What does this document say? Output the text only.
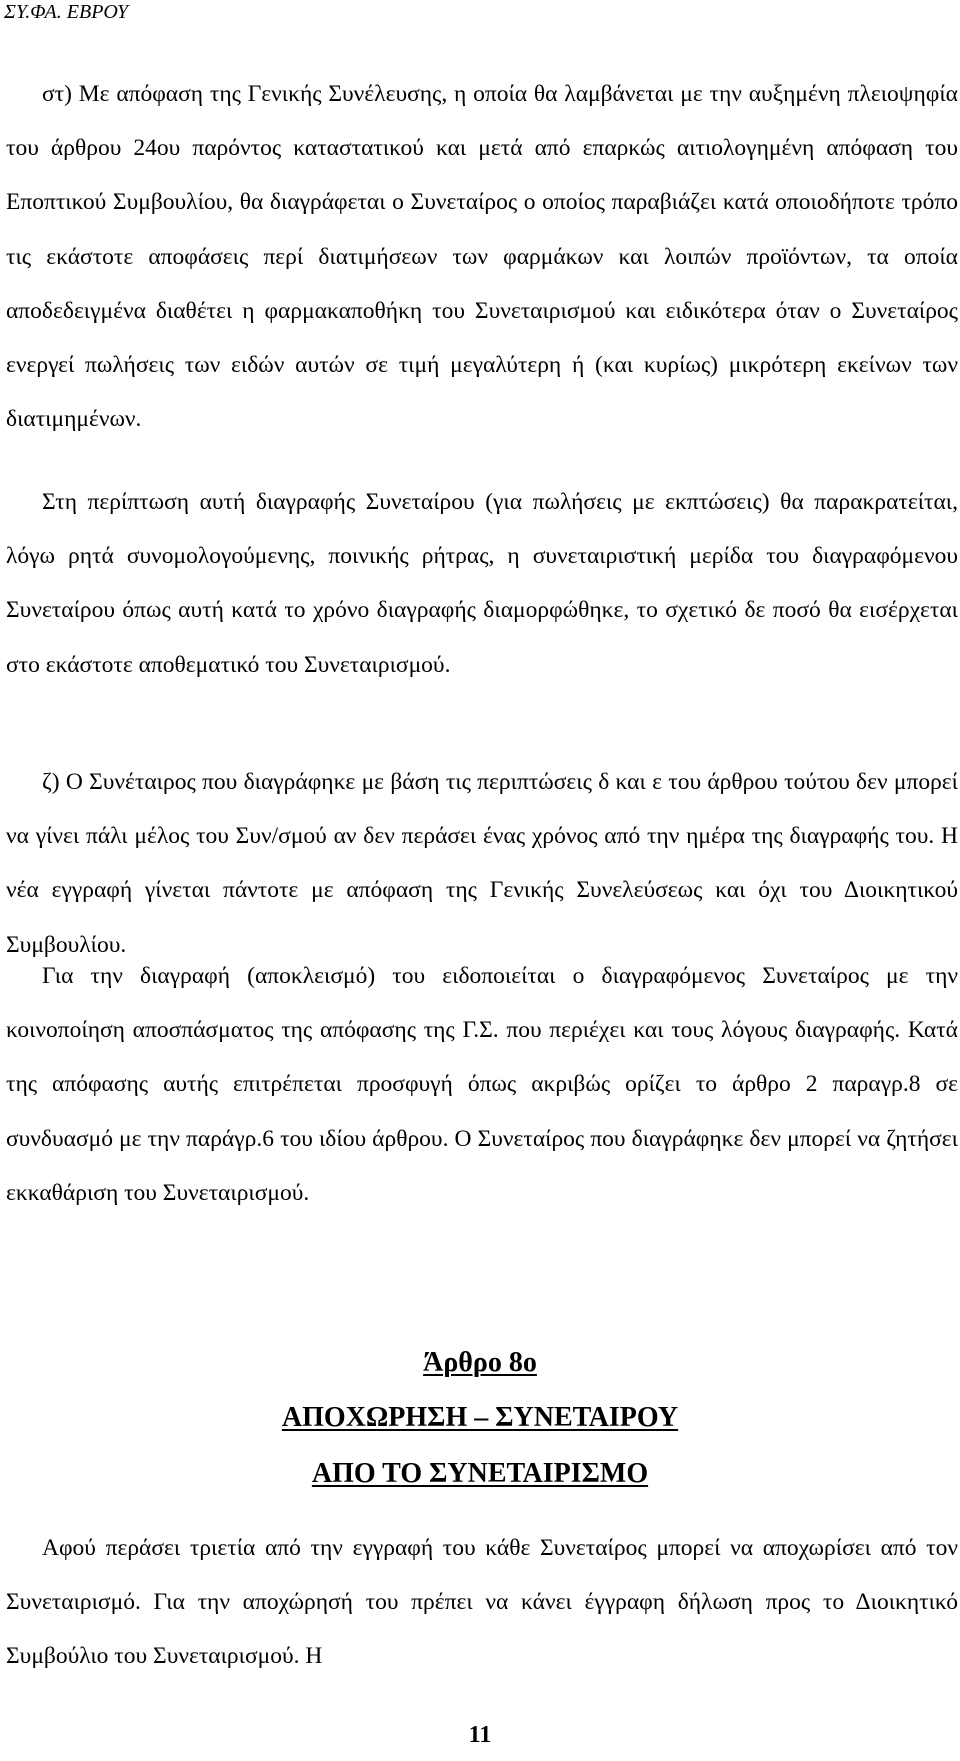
ΣΥ.ΦΑ. ΕΒΡΟΥ

στ) Με απόφαση της Γενικής Συνέλευσης, η οποία θα λαμβάνεται με την αυξημένη πλειοψηφία του άρθρου 24ου παρόντος καταστατικού και μετά από επαρκώς αιτιολογημένη απόφαση του Εποπτικού Συμβουλίου, θα διαγράφεται ο Συνεταίρος ο οποίος παραβιάζει κατά οποιοδήποτε τρόπο τις εκάστοτε αποφάσεις περί διατιμήσεων των φαρμάκων και λοιπών προϊόντων, τα οποία αποδεδειγμένα διαθέτει η φαρμακαποθήκη του Συνεταιρισμού και ειδικότερα όταν ο Συνεταίρος ενεργεί πωλήσεις των ειδών αυτών σε τιμή μεγαλύτερη ή (και κυρίως) μικρότερη εκείνων των διατιμημένων.

Στη περίπτωση αυτή διαγραφής Συνεταίρου (για πωλήσεις με εκπτώσεις) θα παρακρατείται, λόγω ρητά συνομολογούμενης, ποινικής ρήτρας, η συνεταιριστική μερίδα του διαγραφόμενου Συνεταίρου όπως αυτή κατά το χρόνο διαγραφής διαμορφώθηκε, το σχετικό δε ποσό θα εισέρχεται στο εκάστοτε αποθεματικό του Συνεταιρισμού.

ζ) Ο Συνέταιρος που διαγράφηκε με βάση τις περιπτώσεις δ και ε του άρθρου τούτου δεν μπορεί να γίνει πάλι μέλος του Συν/σμού αν δεν περάσει ένας χρόνος από την ημέρα της διαγραφής του. Η νέα εγγραφή γίνεται πάντοτε με απόφαση της Γενικής Συνελεύσεως και όχι του Διοικητικού Συμβουλίου.

Για την διαγραφή (αποκλεισμό) του ειδοποιείται ο διαγραφόμενος Συνεταίρος με την κοινοποίηση αποσπάσματος της απόφασης της Γ.Σ. που περιέχει και τους λόγους διαγραφής. Κατά της απόφασης αυτής επιτρέπεται προσφυγή όπως ακριβώς ορίζει το άρθρο 2 παραγρ.8 σε συνδυασμό με την παράγρ.6 του ιδίου άρθρου. Ο Συνεταίρος που διαγράφηκε δεν μπορεί να ζητήσει εκκαθάριση του Συνεταιρισμού.

Άρθρο 8ο
ΑΠΟΧΩΡΗΣΗ – ΣΥΝΕΤΑΙΡΟΥ
ΑΠΟ ΤΟ ΣΥΝΕΤΑΙΡΙΣΜΟ

Αφού περάσει τριετία από την εγγραφή του κάθε Συνεταίρος μπορεί να αποχωρίσει από τον Συνεταιρισμό. Για την αποχώρησή του πρέπει να κάνει έγγραφη δήλωση προς το Διοικητικό Συμβούλιο του Συνεταιρισμού. Η

11
